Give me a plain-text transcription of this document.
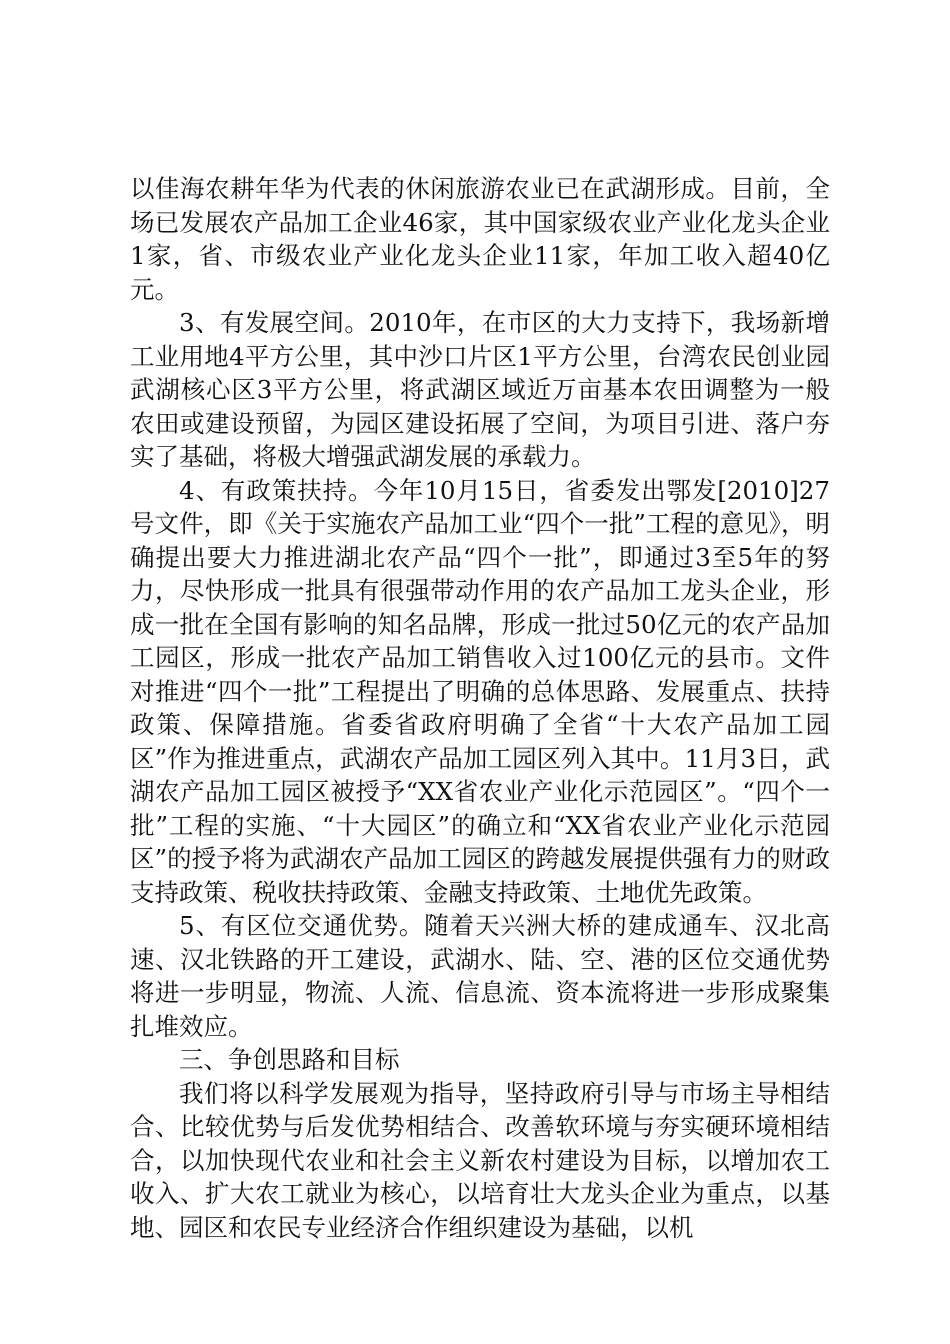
以佳海农耕年华为代表的休闲旅游农业已在武湖形成。目前，全场已发展农产品加工企业46家，其中国家级农业产业化龙头企业1家，省、市级农业产业化龙头企业11家，年加工收入超40亿元。

3、有发展空间。2010年，在市区的大力支持下，我场新增工业用地4平方公里，其中沙口片区1平方公里，台湾农民创业园武湖核心区3平方公里，将武湖区域近万亩基本农田调整为一般农田或建设预留，为园区建设拓展了空间，为项目引进、落户夯实了基础，将极大增强武湖发展的承载力。

4、有政策扶持。今年10月15日，省委发出鄂发[2010]27号文件，即《关于实施农产品加工业“四个一批”工程的意见》，明确提出要大力推进湖北农产品“四个一批”，即通过3至5年的努力，尽快形成一批具有很强带动作用的农产品加工龙头企业，形成一批在全国有影响的知名品牌，形成一批过50亿元的农产品加工园区，形成一批农产品加工销售收入过100亿元的县市。文件对推进“四个一批”工程提出了明确的总体思路、发展重点、扶持政策、保障措施。省委省政府明确了全省“十大农产品加工园区”作为推进重点，武湖农产品加工园区列入其中。11月3日，武湖农产品加工园区被授予“XX省农业产业化示范园区”。“四个一批”工程的实施、“十大园区”的确立和“XX省农业产业化示范园区”的授予将为武湖农产品加工园区的跨越发展提供强有力的财政支持政策、税收扶持政策、金融支持政策、土地优先政策。

5、有区位交通优势。随着天兴洲大桥的建成通车、汉北高速、汉北铁路的开工建设，武湖水、陆、空、港的区位交通优势将进一步明显，物流、人流、信息流、资本流将进一步形成聚集扎堆效应。

三、争创思路和目标

我们将以科学发展观为指导，坚持政府引导与市场主导相结合、比较优势与后发优势相结合、改善软环境与夯实硬环境相结合，以加快现代农业和社会主义新农村建设为目标，以增加农工收入、扩大农工就业为核心，以培育壮大龙头企业为重点，以基地、园区和农民专业经济合作组织建设为基础，以机
